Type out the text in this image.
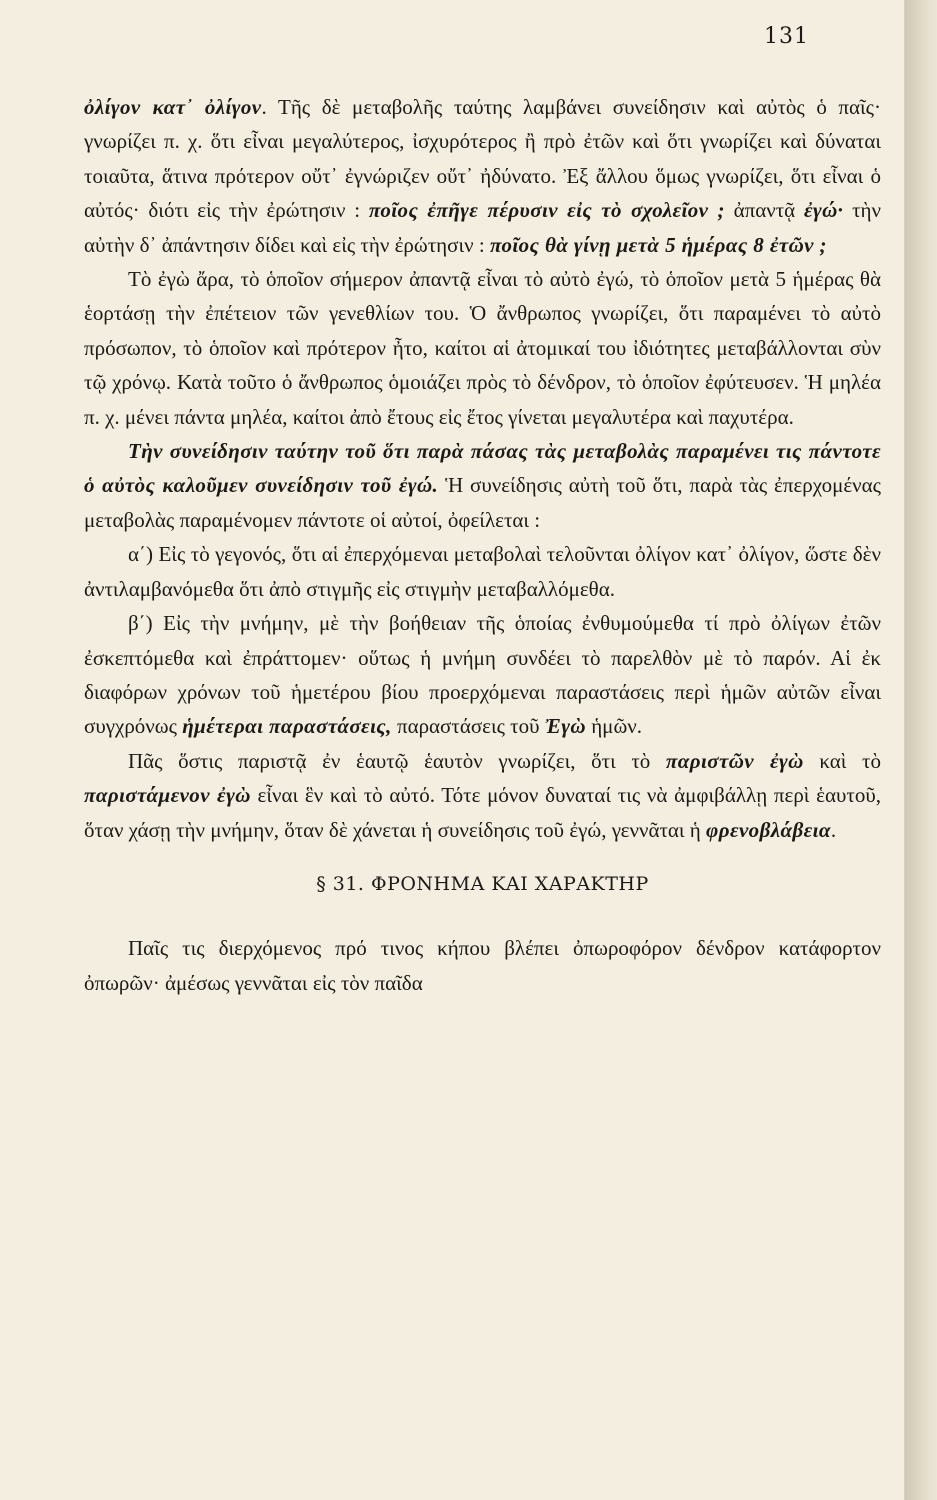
131

ὀλίγον κατ᾽ ὀλίγον. Τῆς δὲ μεταβολῆς ταύτης λαμβάνει συνείδησιν καὶ αὐτὸς ὁ παῖς· γνωρίζει π. χ. ὅτι εἶναι μεγαλύτερος, ἰσχυρότερος ἢ πρὸ ἐτῶν καὶ ὅτι γνωρίζει καὶ δύναται τοιαῦτα, ἅτινα πρότερον οὔτ᾽ ἐγνώριζεν οὔτ᾽ ἠδύνατο. Ἐξ ἄλλου ὅμως γνωρίζει, ὅτι εἶναι ὁ αὐτός· διότι εἰς τὴν ἐρώτησιν : ποῖος ἐπῆγε πέρυσιν εἰς τὸ σχολεῖον ; ἀπαντᾷ ἐγώ· τὴν αὐτὴν δ᾽ ἀπάντησιν δίδει καὶ εἰς τὴν ἐρώτησιν : ποῖος θὰ γίνῃ μετὰ 5 ἡμέρας 8 ἐτῶν ;

Τὸ ἐγὼ ἄρα, τὸ ὁποῖον σήμερον ἀπαντᾷ εἶναι τὸ αὐτὸ ἐγώ, τὸ ὁποῖον μετὰ 5 ἡμέρας θὰ ἑορτάσῃ τὴν ἐπέτειον τῶν γενεθλίων του. Ὁ ἄνθρωπος γνωρίζει, ὅτι παραμένει τὸ αὐτὸ πρόσωπον, τὸ ὁποῖον καὶ πρότερον ἦτο, καίτοι αἱ ἀτομικαί του ἰδιότητες μεταβάλλονται σὺν τῷ χρόνῳ. Κατὰ τοῦτο ὁ ἄνθρωπος ὁμοιάζει πρὸς τὸ δένδρον, τὸ ὁποῖον ἐφύτευσεν. Ἡ μηλέα π. χ. μένει πάντα μηλέα, καίτοι ἀπὸ ἔτους εἰς ἔτος γίνεται μεγαλυτέρα καὶ παχυτέρα.

Τὴν συνείδησιν ταύτην τοῦ ὅτι παρὰ πάσας τὰς μεταβολὰς παραμένει τις πάντοτε ὁ αὐτὸς καλοῦμεν συνείδησιν τοῦ ἐγώ. Ἡ συνείδησις αὐτὴ τοῦ ὅτι, παρὰ τὰς ἐπερχομένας μεταβολὰς παραμένομεν πάντοτε οἱ αὐτοί, ὀφείλεται :

α΄) Εἰς τὸ γεγονός, ὅτι αἱ ἐπερχόμεναι μεταβολαὶ τελοῦνται ὀλίγον κατ᾽ ὀλίγον, ὥστε δὲν ἀντιλαμβανόμεθα ὅτι ἀπὸ στιγμῆς εἰς στιγμὴν μεταβαλλόμεθα.

β΄) Εἰς τὴν μνήμην, μὲ τὴν βοήθειαν τῆς ὁποίας ἐνθυμούμεθα τί πρὸ ὀλίγων ἐτῶν ἐσκεπτόμεθα καὶ ἐπράττομεν· οὕτως ἡ μνήμη συνδέει τὸ παρελθὸν μὲ τὸ παρόν. Αἱ ἐκ διαφόρων χρόνων τοῦ ἡμετέρου βίου προερχόμεναι παραστάσεις περὶ ἡμῶν αὐτῶν εἶναι συγχρόνως ἡμέτεραι παραστάσεις, παραστάσεις τοῦ Ἐγὼ ἡμῶν.

Πᾶς ὅστις παριστᾷ ἐν ἑαυτῷ ἑαυτὸν γνωρίζει, ὅτι τὸ παριστῶν ἐγὼ καὶ τὸ παριστάμενον ἐγὼ εἶναι ἓν καὶ τὸ αὐτό. Τότε μόνον δυναταί τις νὰ ἀμφιβάλλῃ περὶ ἑαυτοῦ, ὅταν χάσῃ τὴν μνήμην, ὅταν δὲ χάνεται ἡ συνείδησις τοῦ ἐγώ, γεννᾶται ἡ φρενοβλάβεια.

§ 31. ΦΡΟΝΗΜΑ ΚΑΙ ΧΑΡΑΚΤΗΡ

Παῖς τις διερχόμενος πρό τινος κήπου βλέπει ὀπωροφόρον δένδρον κατάφορτον ὀπωρῶν· ἀμέσως γεννᾶται εἰς τὸν παῖδα
